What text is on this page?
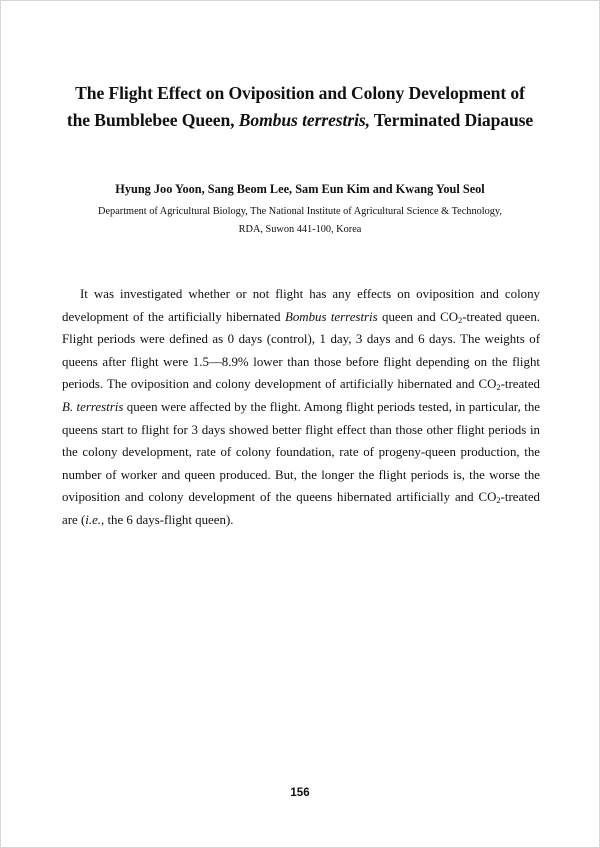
The Flight Effect on Oviposition and Colony Development of
the Bumblebee Queen, Bombus terrestris, Terminated Diapause

Hyung Joo Yoon, Sang Beom Lee, Sam Eun Kim and Kwang Youl Seol

Department of Agricultural Biology, The National Institute of Agricultural Science & Technology,
RDA, Suwon 441-100, Korea

It was investigated whether or not flight has any effects on oviposition and colony development of the artificially hibernated Bombus terrestris queen and $CO_2$-treated queen. Flight periods were defined as 0 days (control), 1 day, 3 days and 6 days. The weights of queens after flight were 1.5—8.9% lower than those before flight depending on the flight periods. The oviposition and colony development of artificially hibernated and $CO_2$-treated B. terrestris queen were affected by the flight. Among flight periods tested, in particular, the queens start to flight for 3 days showed better flight effect than those other flight periods in the colony development, rate of colony foundation, rate of progeny-queen production, the number of worker and queen produced. But, the longer the flight periods is, the worse the oviposition and colony development of the queens hibernated artificially and $CO_2$-treated are (i.e., the 6 days-flight queen).

156
